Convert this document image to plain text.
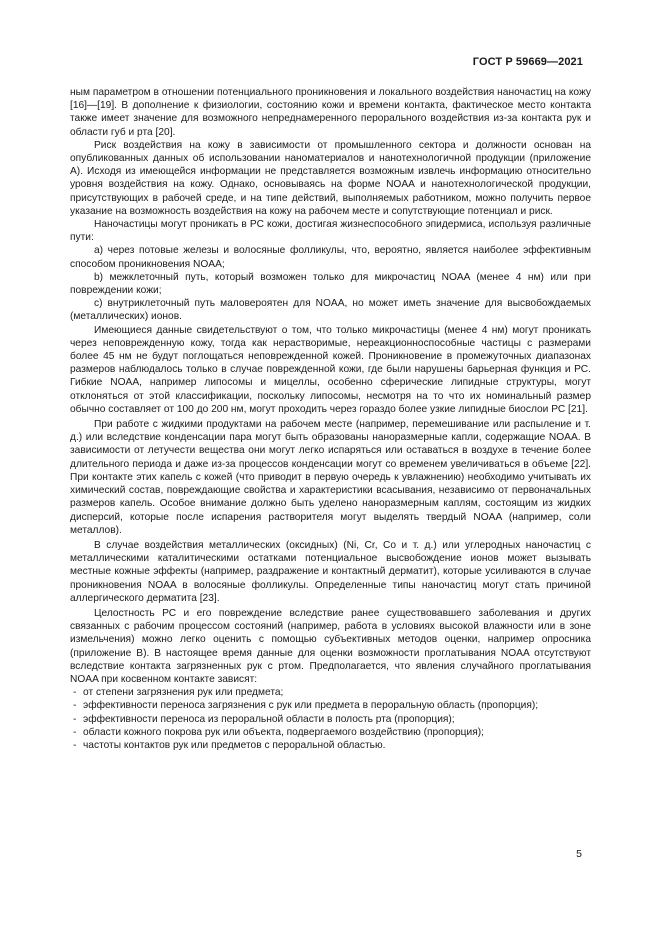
ГОСТ Р 59669—2021

ным параметром в отношении потенциального проникновения и локального воздействия наночастиц на кожу [16]—[19]. В дополнение к физиологии, состоянию кожи и времени контакта, фактическое место контакта также имеет значение для возможного непреднамеренного перорального воздействия из-за контакта рук и области губ и рта [20].

Риск воздействия на кожу в зависимости от промышленного сектора и должности основан на опубликованных данных об использовании наноматериалов и нанотехнологичной продукции (приложение А). Исходя из имеющейся информации не представляется возможным извлечь информацию относительно уровня воздействия на кожу. Однако, основываясь на форме NOAA и нанотехнологической продукции, присутствующих в рабочей среде, и на типе действий, выполняемых работником, можно получить первое указание на возможность воздействия на кожу на рабочем месте и сопутствующие потенциал и риск.

Наночастицы могут проникать в РС кожи, достигая жизнеспособного эпидермиса, используя различные пути:

a) через потовые железы и волосяные фолликулы, что, вероятно, является наиболее эффективным способом проникновения NOAA;

b) межклеточный путь, который возможен только для микрочастиц NOAA (менее 4 нм) или при повреждении кожи;

c) внутриклеточный путь маловероятен для NOAA, но может иметь значение для высвобождаемых (металлических) ионов.

Имеющиеся данные свидетельствуют о том, что только микрочастицы (менее 4 нм) могут проникать через неповрежденную кожу, тогда как нерастворимые, нереакционноспособные частицы с размерами более 45 нм не будут поглощаться неповрежденной кожей. Проникновение в промежуточных диапазонах размеров наблюдалось только в случае поврежденной кожи, где были нарушены барьерная функция и РС. Гибкие NOAA, например липосомы и мицеллы, особенно сферические липидные структуры, могут отклоняться от этой классификации, поскольку липосомы, несмотря на то что их номинальный размер обычно составляет от 100 до 200 нм, могут проходить через гораздо более узкие липидные биослои РС [21].

При работе с жидкими продуктами на рабочем месте (например, перемешивание или распыление и т. д.) или вследствие конденсации пара могут быть образованы наноразмерные капли, содержащие NOAA. В зависимости от летучести вещества они могут легко испаряться или оставаться в воздухе в течение более длительного периода и даже из-за процессов конденсации могут со временем увеличиваться в объеме [22]. При контакте этих капель с кожей (что приводит в первую очередь к увлажнению) необходимо учитывать их химический состав, повреждающие свойства и характеристики всасывания, независимо от первоначальных размеров капель. Особое внимание должно быть уделено наноразмерным каплям, состоящим из жидких дисперсий, которые после испарения растворителя могут выделять твердый NOAA (например, соли металлов).

В случае воздействия металлических (оксидных) (Ni, Cr, Co и т. д.) или углеродных наночастиц с металлическими каталитическими остатками потенциальное высвобождение ионов может вызывать местные кожные эффекты (например, раздражение и контактный дерматит), которые усиливаются в случае проникновения NOAA в волосяные фолликулы. Определенные типы наночастиц могут стать причиной аллергического дерматита [23].

Целостность РС и его повреждение вследствие ранее существовавшего заболевания и других связанных с рабочим процессом состояний (например, работа в условиях высокой влажности или в зоне измельчения) можно легко оценить с помощью субъективных методов оценки, например опросника (приложение В). В настоящее время данные для оценки возможности проглатывания NOAA отсутствуют вследствие контакта загрязненных рук с ртом. Предполагается, что явления случайного проглатывания NOAA при косвенном контакте зависят:

- от степени загрязнения рук или предмета;
- эффективности переноса загрязнения с рук или предмета в пероральную область (пропорция);
- эффективности переноса из пероральной области в полость рта (пропорция);
- области кожного покрова рук или объекта, подвергаемого воздействию (пропорция);
- частоты контактов рук или предметов с пероральной областью.
5
